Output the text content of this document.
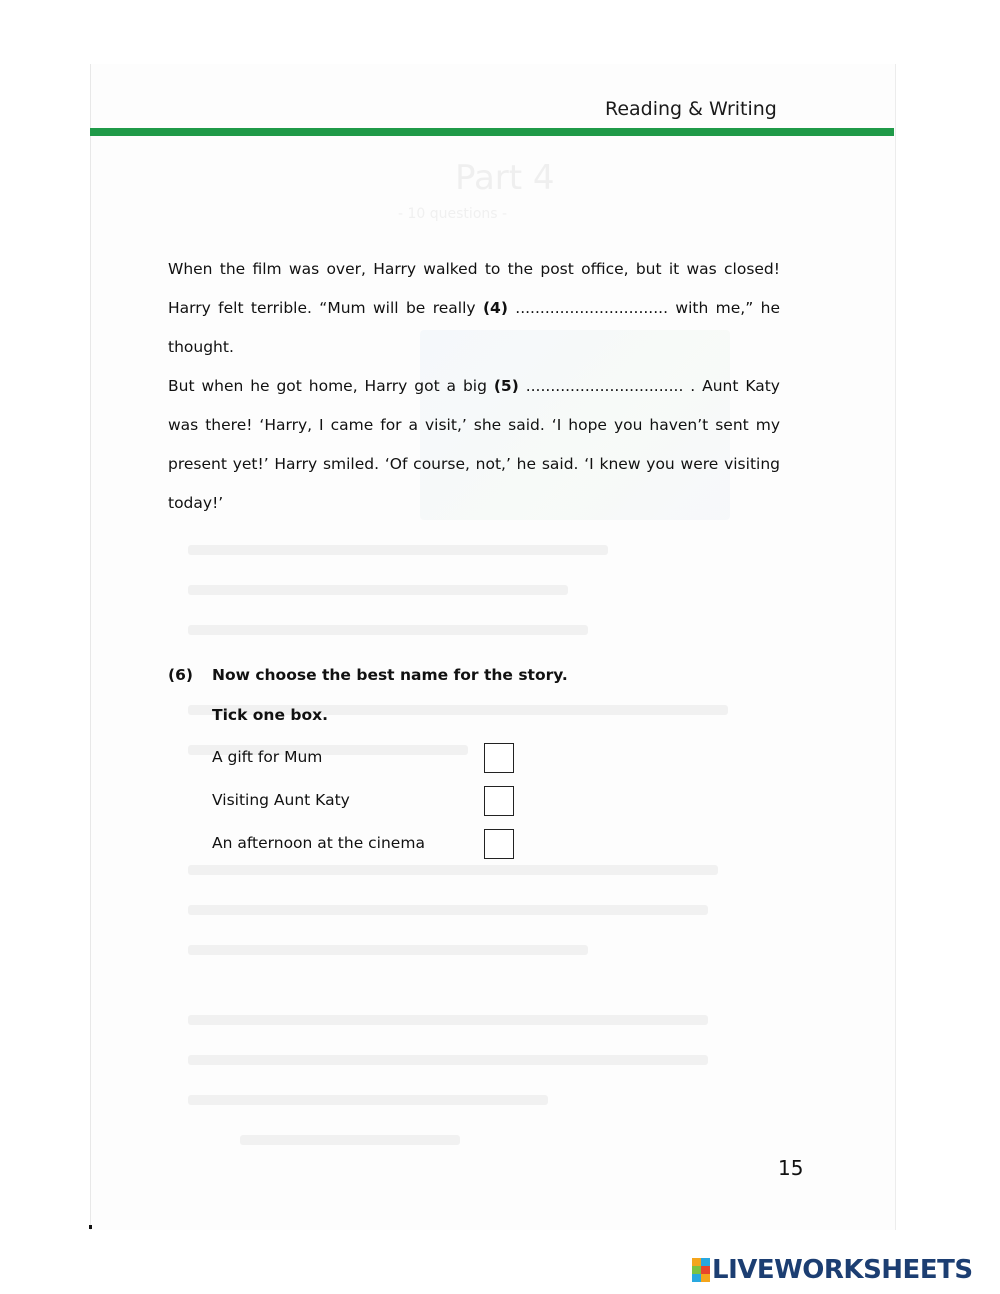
Part 4
- 10 questions -
Reading & Writing

When the film was over, Harry walked to the post office, but it was closed!

Harry felt terrible. “Mum will be really (4) ............................... with me,” he

thought.

But when he got home, Harry got a big (5) ................................ . Aunt Katy

was there! ‘Harry, I came for a visit,’ she said. ‘I hope you haven’t sent my

present yet!’ Harry smiled. ‘Of course, not,’ he said. ‘I knew you were visiting

today!’

(6) Now choose the best name for the story.
Tick one box.
A gift for Mum
Visiting Aunt Katy
An afternoon at the cinema
15
LIVEWORKSHEETS
